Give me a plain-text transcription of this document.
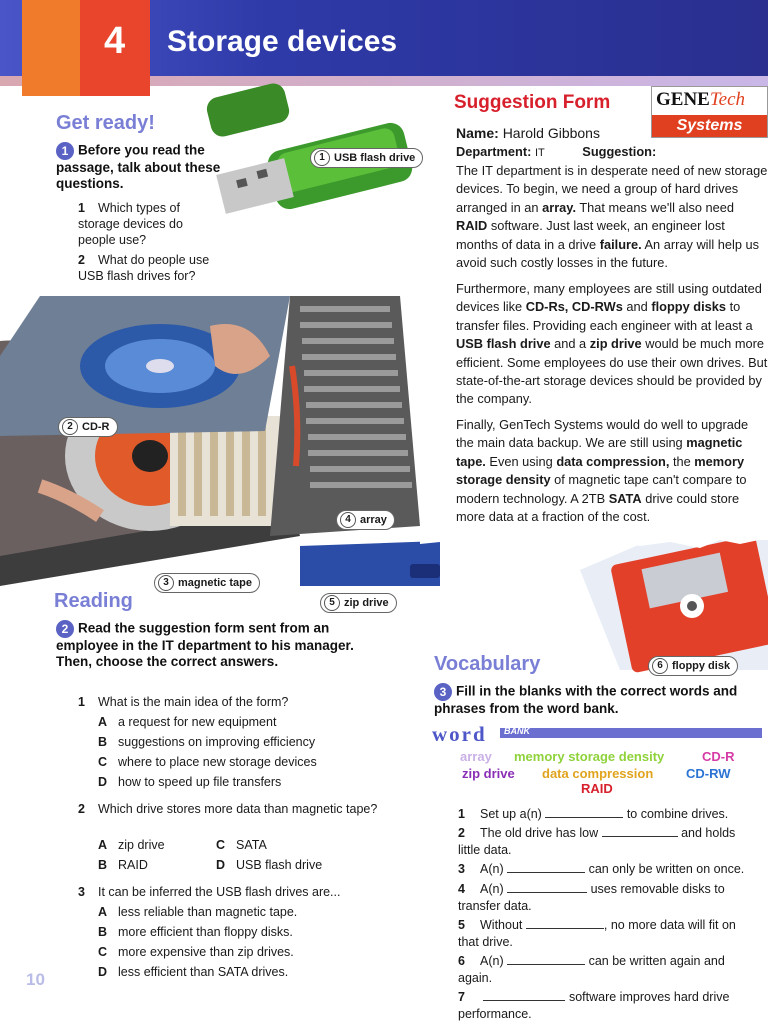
4 Storage devices
Iomega zip
1 USB flash drive
2 CD-R
3 magnetic tape
4 array
5 zip drive
6 floppy disk
Get ready!
1 Before you read the passage, talk about these questions.
1 Which types of storage devices do people use?
2 What do people use USB flash drives for?
Suggestion Form GENETech
Systems
Name: Harold Gibbons
Department: IT	Suggestion:
The IT department is in desperate need of new storage devices. To begin, we need a group of hard drives arranged in an array. That means we'll also need RAID software. Just last week, an engineer lost months of data in a drive failure. An array will help us avoid such costly losses in the future.
Furthermore, many employees are still using outdated devices like CD-Rs, CD-RWs and floppy disks to transfer files. Providing each engineer with at least a USB flash drive and a zip drive would be much more efficient. Some employees do use their own drives. But state-of-the-art storage devices should be provided by the company.
Finally, GenTech Systems would do well to upgrade the main data backup. We are still using magnetic tape. Even using data compression, the memory storage density of magnetic tape can't compare to modern technology. A 2TB SATA drive could store more data at a fraction of the cost.
Reading
2 Read the suggestion form sent from an employee in the IT department to his manager. Then, choose the correct answers.
1 What is the main idea of the form?
A a request for new equipment
B suggestions on improving efficiency
C where to place new storage devices
D how to speed up file transfers
2 Which drive stores more data than magnetic tape?
A zip drive	C SATA
B RAID	D USB flash drive
3 It can be inferred the USB flash drives are...
A less reliable than magnetic tape.
B more efficient than floppy disks.
C more expensive than zip drives.
D less efficient than SATA drives.
10
Vocabulary
3 Fill in the blanks with the correct words and phrases from the word bank.
word BANK
array memory storage density	CD-R
zip drive data compression	CD-RW
RAID
1 Set up a(n)	to combine drives.
2 The old drive has low	and holds little data.
3 A(n)	can only be written on once.
4 A(n)	uses removable disks to transfer data.
5 Without	, no more data will fit on that drive.
6 A(n)	can be written again and again.
7	software improves hard drive performance.
